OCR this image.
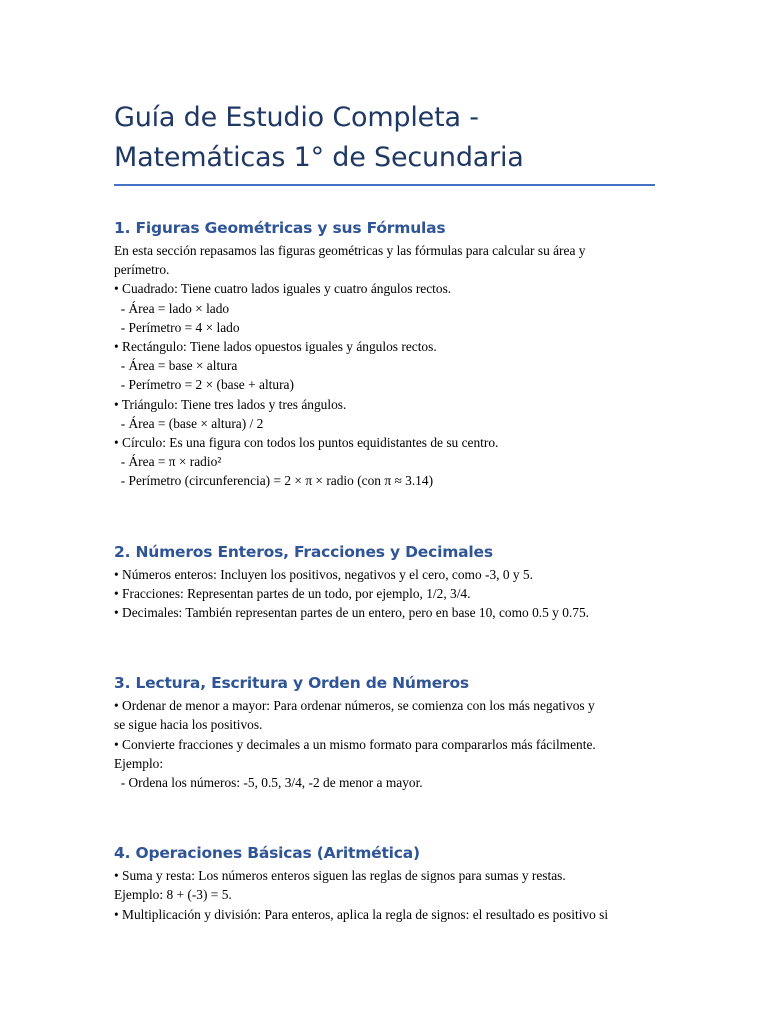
Guía de Estudio Completa -
Matemáticas 1° de Secundaria
1. Figuras Geométricas y sus Fórmulas

En esta sección repasamos las figuras geométricas y las fórmulas para calcular su área y

perímetro.

• Cuadrado: Tiene cuatro lados iguales y cuatro ángulos rectos.

- Área = lado × lado

- Perímetro = 4 × lado

• Rectángulo: Tiene lados opuestos iguales y ángulos rectos.

- Área = base × altura

- Perímetro = 2 × (base + altura)

• Triángulo: Tiene tres lados y tres ángulos.

- Área = (base × altura) / 2

• Círculo: Es una figura con todos los puntos equidistantes de su centro.

- Área = π × radio²

- Perímetro (circunferencia) = 2 × π × radio (con π ≈ 3.14)

2. Números Enteros, Fracciones y Decimales

• Números enteros: Incluyen los positivos, negativos y el cero, como -3, 0 y 5.

• Fracciones: Representan partes de un todo, por ejemplo, 1/2, 3/4.

• Decimales: También representan partes de un entero, pero en base 10, como 0.5 y 0.75.

3. Lectura, Escritura y Orden de Números

• Ordenar de menor a mayor: Para ordenar números, se comienza con los más negativos y

se sigue hacia los positivos.

• Convierte fracciones y decimales a un mismo formato para compararlos más fácilmente.

Ejemplo:

- Ordena los números: -5, 0.5, 3/4, -2 de menor a mayor.

4. Operaciones Básicas (Aritmética)

• Suma y resta: Los números enteros siguen las reglas de signos para sumas y restas.

Ejemplo: 8 + (-3) = 5.

• Multiplicación y división: Para enteros, aplica la regla de signos: el resultado es positivo si
